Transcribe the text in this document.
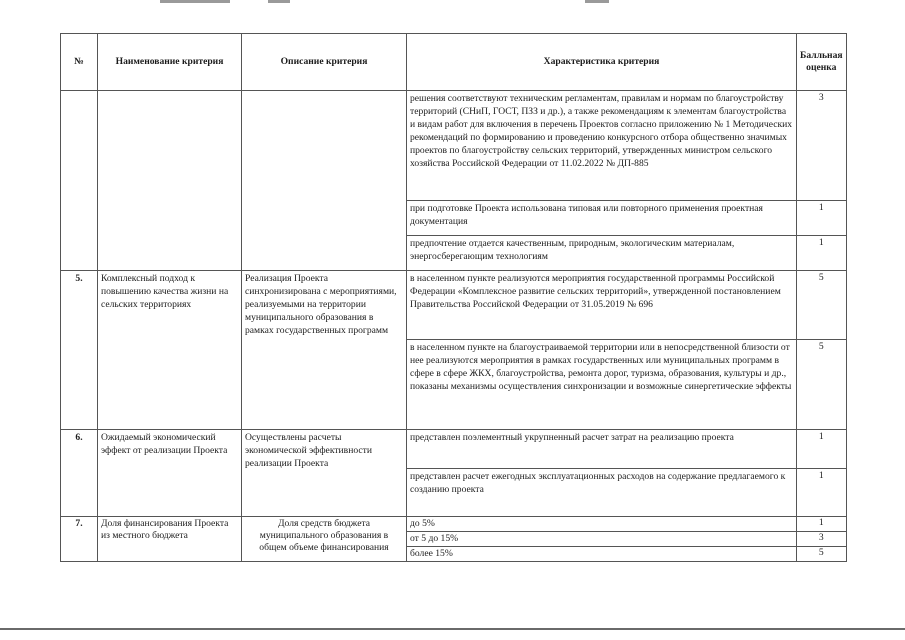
№	Наименование критерия	Описание критерия	Характеристика критерия	Балльная оценка
			решения соответствуют техническим регламентам, правилам и нормам по благоустройству территорий (СНиП, ГОСТ, ПЗЗ и др.), а также рекомендациям к элементам благоустройства и видам работ для включения в перечень Проектов согласно приложению № 1 Методических рекомендаций по формированию и проведению конкурсного отбора общественно значимых проектов по благоустройству сельских территорий, утвержденных министром сельского хозяйства Российской Федерации от 11.02.2022 № ДП-885	3
			при подготовке Проекта использована типовая или повторного применения проектная документация	1
			предпочтение отдается качественным, природным, экологическим материалам, энергосберегающим технологиям	1
5.	Комплексный подход к повышению качества жизни на сельских территориях	Реализация Проекта синхронизирована с мероприятиями, реализуемыми на территории муниципального образования в рамках государственных программ	в населенном пункте реализуются мероприятия государственной программы Российской Федерации «Комплексное развитие сельских территорий», утвержденной постановлением Правительства Российской Федерации от 31.05.2019 № 696	5
			в населенном пункте на благоустраиваемой территории или в непосредственной близости от нее реализуются мероприятия в рамках государственных или муниципальных программ в сфере в сфере ЖКХ, благоустройства, ремонта дорог, туризма, образования, культуры и др., показаны механизмы осуществления синхронизации и возможные синергетические эффекты	5
6.	Ожидаемый экономический эффект от реализации Проекта	Осуществлены расчеты экономической эффективности реализации Проекта	представлен поэлементный укрупненный расчет затрат на реализацию проекта	1
			представлен расчет ежегодных эксплуатационных расходов на содержание предлагаемого к созданию проекта	1
7.	Доля финансирования Проекта из местного бюджета	Доля средств бюджета муниципального образования в общем объеме финансирования	до 5%	1
			от 5 до 15%	3
			более 15%	5
